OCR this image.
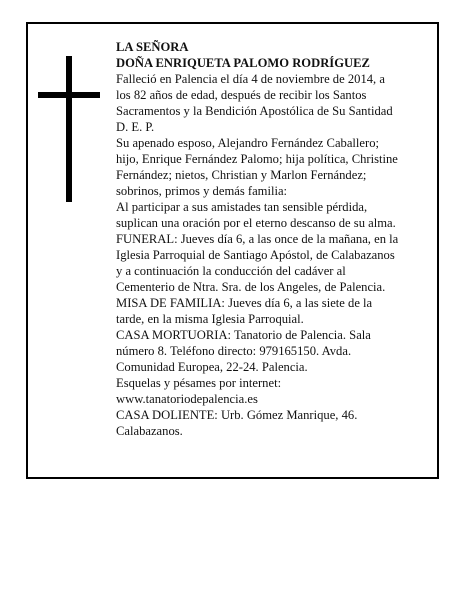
LA SEÑORA
DOÑA ENRIQUETA PALOMO RODRÍGUEZ
Falleció en Palencia el día 4 de noviembre de 2014, a
los 82 años de edad, después de recibir los Santos
Sacramentos y la Bendición Apostólica de Su Santidad
D. E. P.
Su apenado esposo, Alejandro Fernández Caballero;
hijo, Enrique Fernández Palomo; hija política, Christine
Fernández; nietos, Christian y Marlon Fernández;
sobrinos, primos y demás familia:
Al participar a sus amistades tan sensible pérdida,
suplican una oración por el eterno descanso de su alma.
FUNERAL: Jueves día 6, a las once de la mañana, en la
Iglesia Parroquial de Santiago Apóstol, de Calabazanos
y a continuación la conducción del cadáver al
Cementerio de Ntra. Sra. de los Angeles, de Palencia.
MISA DE FAMILIA: Jueves día 6, a las siete de la
tarde, en la misma Iglesia Parroquial.
CASA MORTUORIA: Tanatorio de Palencia. Sala
número 8. Teléfono directo: 979165150. Avda.
Comunidad Europea, 22-24. Palencia.
Esquelas y pésames por internet:
www.tanatoriodepalencia.es
CASA DOLIENTE: Urb. Gómez Manrique, 46.
Calabazanos.
